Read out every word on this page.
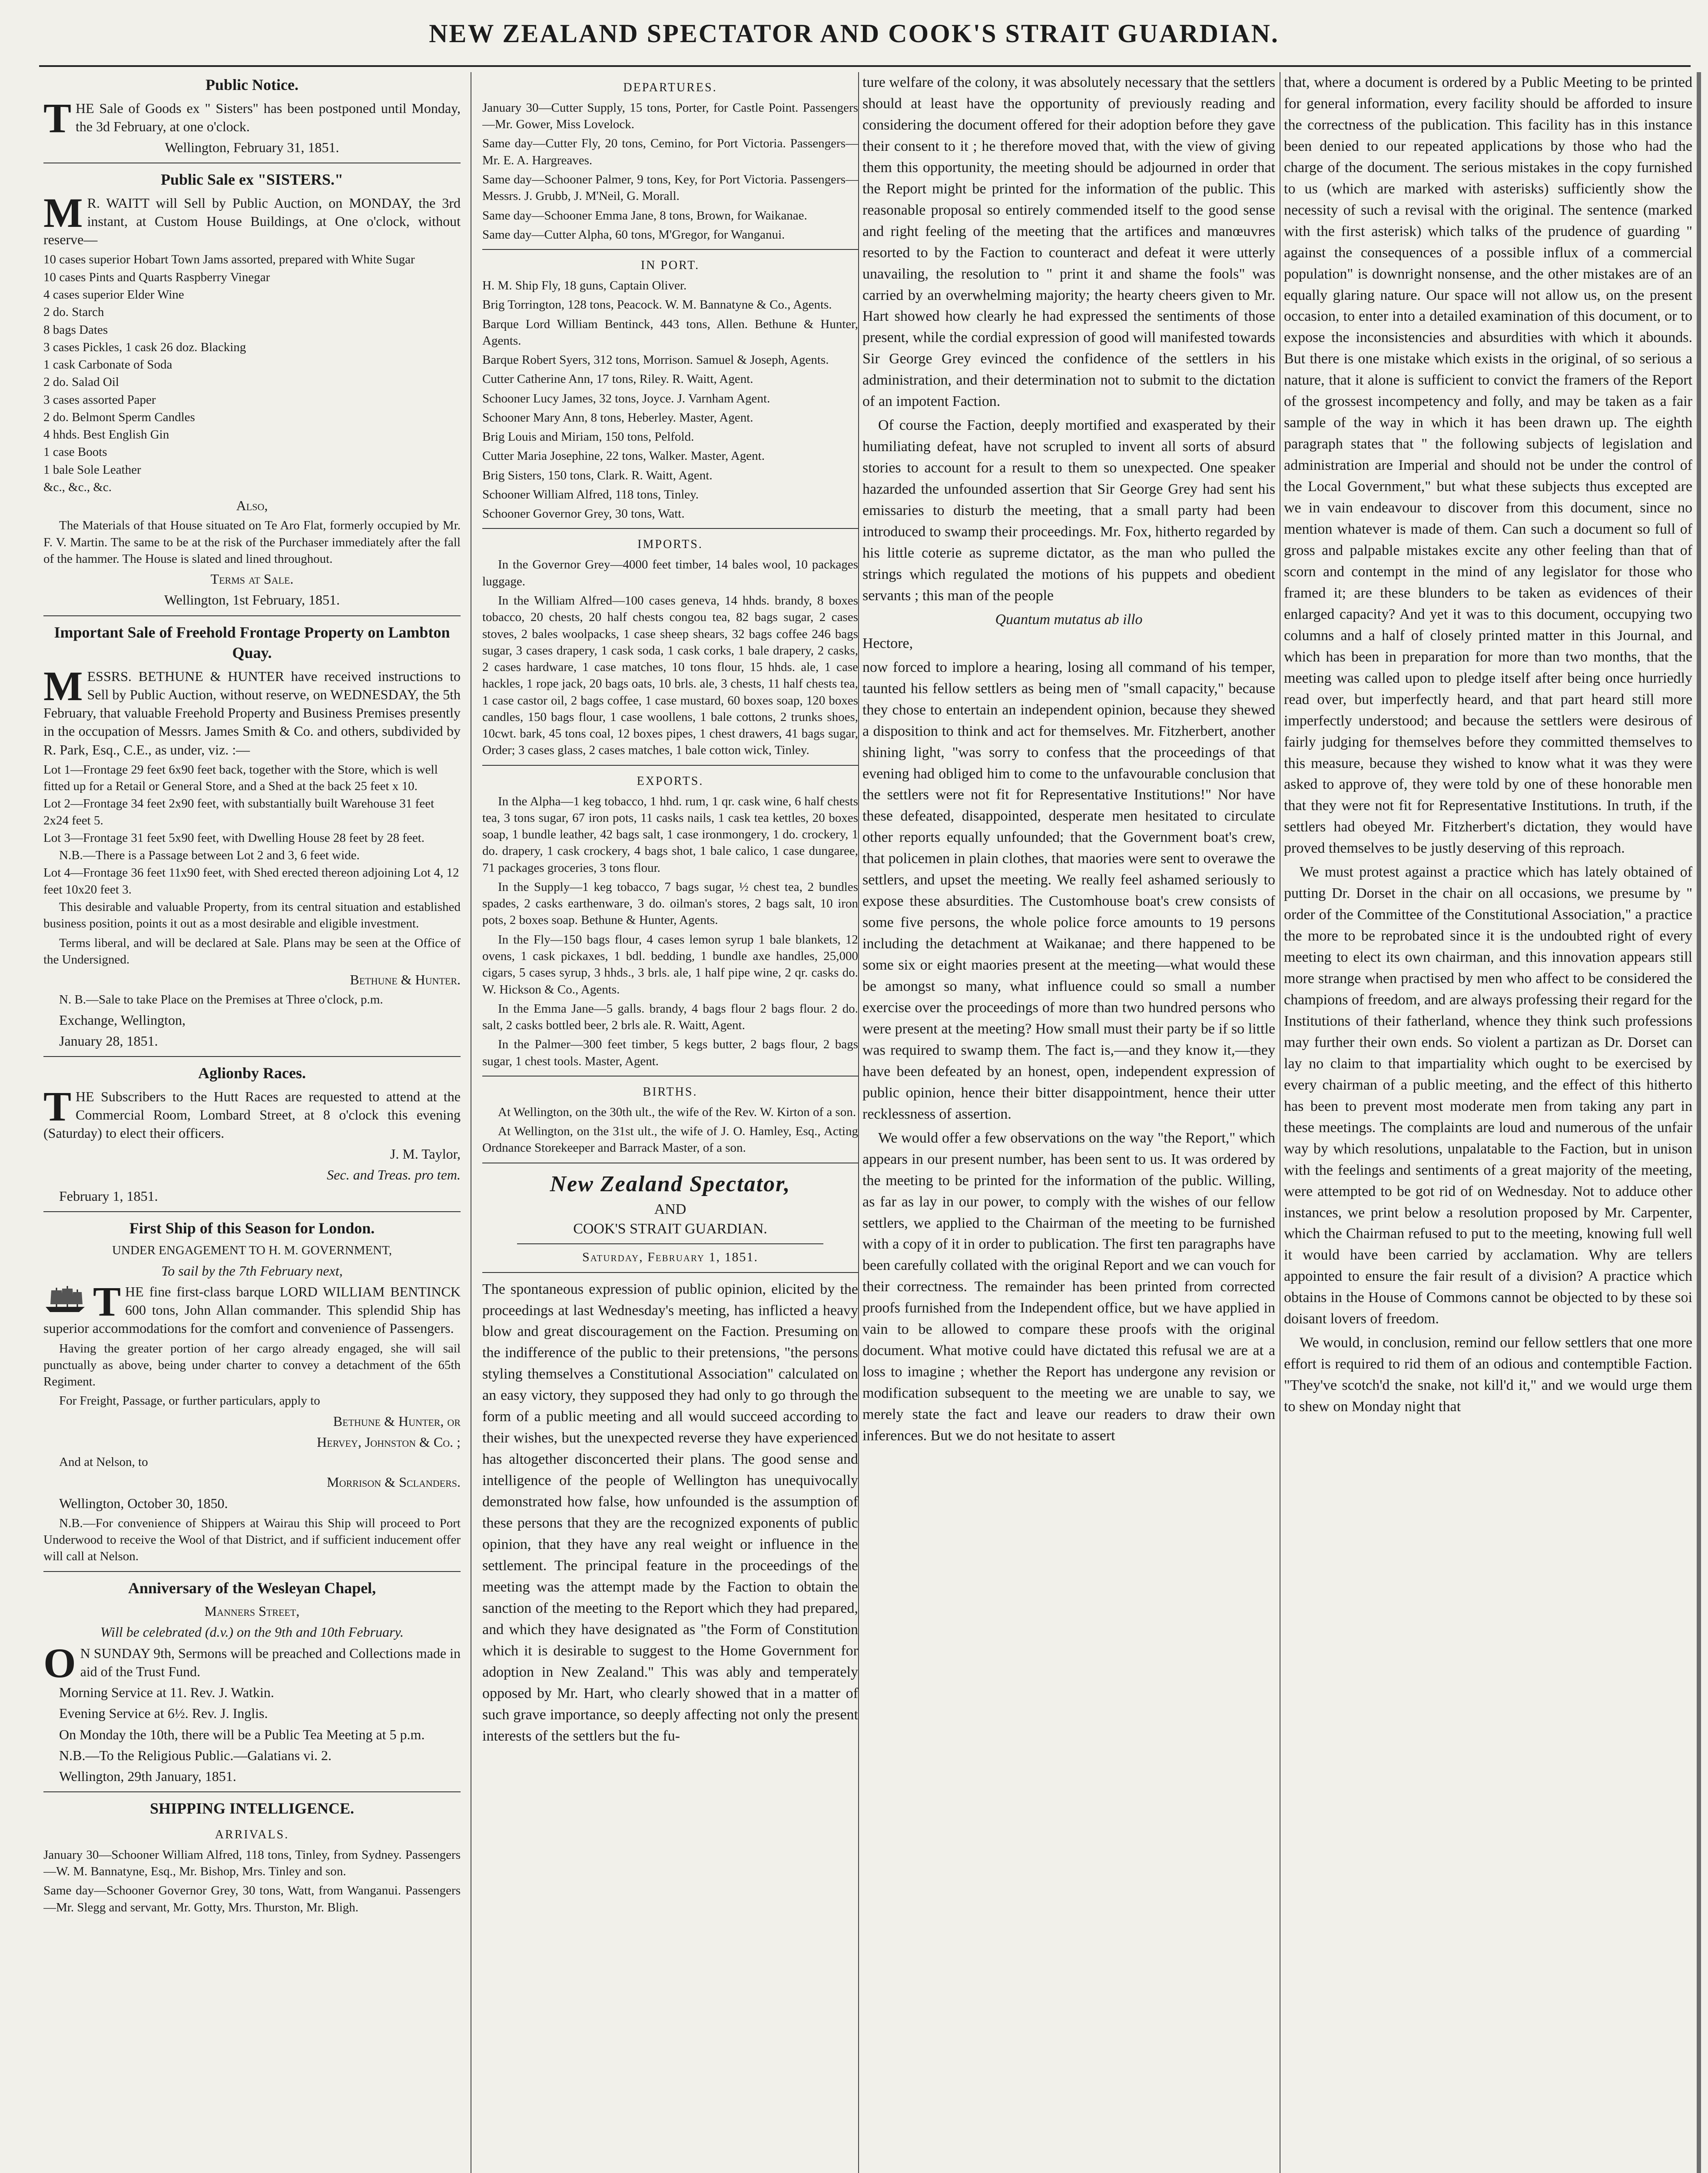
NEW ZEALAND SPECTATOR AND COOK'S STRAIT GUARDIAN.
Public Notice.

THE Sale of Goods ex " Sisters" has been postponed until Monday, the 3d February, at one o'clock.

Wellington, February 31, 1851.

Public Sale ex "SISTERS."

M R. WAITT will Sell by Public Auction, on MONDAY, the 3rd instant, at Custom House Buildings, at One o'clock, without reserve—

10 cases superior Hobart Town Jams assorted, prepared with White Sugar

10 cases Pints and Quarts Raspberry Vinegar

4 cases superior Elder Wine

2 do. Starch

8 bags Dates

3 cases Pickles, 1 cask 26 doz. Blacking

1 cask Carbonate of Soda

2 do. Salad Oil

3 cases assorted Paper

2 do. Belmont Sperm Candles

4 hhds. Best English Gin

1 case Boots

1 bale Sole Leather

&c., &c., &c.

Also,

The Materials of that House situated on Te Aro Flat, formerly occupied by Mr. F. V. Martin. The same to be at the risk of the Purchaser immediately after the fall of the hammer. The House is slated and lined throughout.

Terms at Sale.

Wellington, 1st February, 1851.

Important Sale of Freehold Frontage Property on Lambton Quay.

MESSRS. BETHUNE & HUNTER have received instructions to Sell by Public Auction, without reserve, on WEDNESDAY, the 5th February, that valuable Freehold Property and Business Premises presently in the occupation of Messrs. James Smith & Co. and others, subdivided by R. Park, Esq., C.E., as under, viz. :—

Lot 1—Frontage 29 feet 6x90 feet back, together with the Store, which is well fitted up for a Retail or General Store, and a Shed at the back 25 feet x 10.

Lot 2—Frontage 34 feet 2x90 feet, with substantially built Warehouse 31 feet 2x24 feet 5.

Lot 3—Frontage 31 feet 5x90 feet, with Dwelling House 28 feet by 28 feet.

N.B.—There is a Passage between Lot 2 and 3, 6 feet wide.

Lot 4—Frontage 36 feet 11x90 feet, with Shed erected thereon adjoining Lot 4, 12 feet 10x20 feet 3.

This desirable and valuable Property, from its central situation and established business position, points it out as a most desirable and eligible investment.

Terms liberal, and will be declared at Sale. Plans may be seen at the Office of the Undersigned.

Bethune & Hunter.

N. B.—Sale to take Place on the Premises at Three o'clock, p.m.

Exchange, Wellington,

January 28, 1851.

Aglionby Races.

THE Subscribers to the Hutt Races are requested to attend at the Commercial Room, Lombard Street, at 8 o'clock this evening (Saturday) to elect their officers.

J. M. Taylor,

Sec. and Treas. pro tem.

February 1, 1851.

First Ship of this Season for London.

UNDER ENGAGEMENT TO H. M. GOVERNMENT,

To sail by the 7th February next,

THE fine first-class barque LORD WILLIAM BENTINCK 600 tons, John Allan commander. This splendid Ship has superior accommodations for the comfort and convenience of Passengers.

Having the greater portion of her cargo already engaged, she will sail punctually as above, being under charter to convey a detachment of the 65th Regiment.

For Freight, Passage, or further particulars, apply to

Bethune & Hunter, or

Hervey, Johnston & Co. ;

And at Nelson, to

Morrison & Sclanders.

Wellington, October 30, 1850.

N.B.—For convenience of Shippers at Wairau this Ship will proceed to Port Underwood to receive the Wool of that District, and if sufficient inducement offer will call at Nelson.

Anniversary of the Wesleyan Chapel,

Manners Street,

Will be celebrated (d.v.) on the 9th and 10th February.

O N SUNDAY 9th, Sermons will be preached and Collections made in aid of the Trust Fund.

Morning Service at 11. Rev. J. Watkin.

Evening Service at 6½. Rev. J. Inglis.

On Monday the 10th, there will be a Public Tea Meeting at 5 p.m.

N.B.—To the Religious Public.—Galatians vi. 2.

Wellington, 29th January, 1851.

SHIPPING INTELLIGENCE.
ARRIVALS.

January 30—Schooner William Alfred, 118 tons, Tinley, from Sydney. Passengers—W. M. Bannatyne, Esq., Mr. Bishop, Mrs. Tinley and son.

Same day—Schooner Governor Grey, 30 tons, Watt, from Wanganui. Passengers—Mr. Slegg and servant, Mr. Gotty, Mrs. Thurston, Mr. Bligh.

DEPARTURES.

January 30—Cutter Supply, 15 tons, Porter, for Castle Point. Passengers—Mr. Gower, Miss Lovelock.

Same day—Cutter Fly, 20 tons, Cemino, for Port Victoria. Passengers—Mr. E. A. Hargreaves.

Same day—Schooner Palmer, 9 tons, Key, for Port Victoria. Passengers—Messrs. J. Grubb, J. M'Neil, G. Morall.

Same day—Schooner Emma Jane, 8 tons, Brown, for Waikanae.

Same day—Cutter Alpha, 60 tons, M'Gregor, for Wanganui.

IN PORT.

H. M. Ship Fly, 18 guns, Captain Oliver.

Brig Torrington, 128 tons, Peacock. W. M. Bannatyne & Co., Agents.

Barque Lord William Bentinck, 443 tons, Allen. Bethune & Hunter, Agents.

Barque Robert Syers, 312 tons, Morrison. Samuel & Joseph, Agents.

Cutter Catherine Ann, 17 tons, Riley. R. Waitt, Agent.

Schooner Lucy James, 32 tons, Joyce. J. Varnham Agent.

Schooner Mary Ann, 8 tons, Heberley. Master, Agent.

Brig Louis and Miriam, 150 tons, Pelfold.

Cutter Maria Josephine, 22 tons, Walker. Master, Agent.

Brig Sisters, 150 tons, Clark. R. Waitt, Agent.

Schooner William Alfred, 118 tons, Tinley.

Schooner Governor Grey, 30 tons, Watt.

IMPORTS.

In the Governor Grey—4000 feet timber, 14 bales wool, 10 packages luggage.

In the William Alfred—100 cases geneva, 14 hhds. brandy, 8 boxes tobacco, 20 chests, 20 half chests congou tea, 82 bags sugar, 2 cases stoves, 2 bales woolpacks, 1 case sheep shears, 32 bags coffee 246 bags sugar, 3 cases drapery, 1 cask soda, 1 cask corks, 1 bale drapery, 2 casks, 2 cases hardware, 1 case matches, 10 tons flour, 15 hhds. ale, 1 case hackles, 1 rope jack, 20 bags oats, 10 brls. ale, 3 chests, 11 half chests tea, 1 case castor oil, 2 bags coffee, 1 case mustard, 60 boxes soap, 120 boxes candles, 150 bags flour, 1 case woollens, 1 bale cottons, 2 trunks shoes, 10cwt. bark, 45 tons coal, 12 boxes pipes, 1 chest drawers, 41 bags sugar, Order; 3 cases glass, 2 cases matches, 1 bale cotton wick, Tinley.

EXPORTS.

In the Alpha—1 keg tobacco, 1 hhd. rum, 1 qr. cask wine, 6 half chests tea, 3 tons sugar, 67 iron pots, 11 casks nails, 1 cask tea kettles, 20 boxes soap, 1 bundle leather, 42 bags salt, 1 case ironmongery, 1 do. crockery, 1 do. drapery, 1 cask crockery, 4 bags shot, 1 bale calico, 1 case dungaree, 71 packages groceries, 3 tons flour.

In the Supply—1 keg tobacco, 7 bags sugar, ½ chest tea, 2 bundles spades, 2 casks earthenware, 3 do. oilman's stores, 2 bags salt, 10 iron pots, 2 boxes soap. Bethune & Hunter, Agents.

In the Fly—150 bags flour, 4 cases lemon syrup 1 bale blankets, 12 ovens, 1 cask pickaxes, 1 bdl. bedding, 1 bundle axe handles, 25,000 cigars, 5 cases syrup, 3 hhds., 3 brls. ale, 1 half pipe wine, 2 qr. casks do. W. Hickson & Co., Agents.

In the Emma Jane—5 galls. brandy, 4 bags flour 2 bags flour. 2 do. salt, 2 casks bottled beer, 2 brls ale. R. Waitt, Agent.

In the Palmer—300 feet timber, 5 kegs butter, 2 bags flour, 2 bags sugar, 1 chest tools. Master, Agent.

BIRTHS.

At Wellington, on the 30th ult., the wife of the Rev. W. Kirton of a son.

At Wellington, on the 31st ult., the wife of J. O. Hamley, Esq., Acting Ordnance Storekeeper and Barrack Master, of a son.

New Zealand Spectator,
AND
COOK'S STRAIT GUARDIAN.
Saturday, February 1, 1851.

The spontaneous expression of public opinion, elicited by the proceedings at last Wednesday's meeting, has inflicted a heavy blow and great discouragement on the Faction. Presuming on the indifference of the public to their pretensions, "the persons styling themselves a Constitutional Association" calculated on an easy victory, they supposed they had only to go through the form of a public meeting and all would succeed according to their wishes, but the unexpected reverse they have experienced has altogether disconcerted their plans. The good sense and intelligence of the people of Wellington has unequivocally demonstrated how false, how unfounded is the assumption of these persons that they are the recognized exponents of public opinion, that they have any real weight or influence in the settlement. The principal feature in the proceedings of the meeting was the attempt made by the Faction to obtain the sanction of the meeting to the Report which they had prepared, and which they have designated as "the Form of Constitution which it is desirable to suggest to the Home Government for adoption in New Zealand." This was ably and temperately opposed by Mr. Hart, who clearly showed that in a matter of such grave importance, so deeply affecting not only the present interests of the settlers but the fu-

ture welfare of the colony, it was absolutely necessary that the settlers should at least have the opportunity of previously reading and considering the document offered for their adoption before they gave their consent to it ; he therefore moved that, with the view of giving them this opportunity, the meeting should be adjourned in order that the Report might be printed for the information of the public. This reasonable proposal so entirely commended itself to the good sense and right feeling of the meeting that the artifices and manœuvres resorted to by the Faction to counteract and defeat it were utterly unavailing, the resolution to " print it and shame the fools" was carried by an overwhelming majority; the hearty cheers given to Mr. Hart showed how clearly he had expressed the sentiments of those present, while the cordial expression of good will manifested towards Sir George Grey evinced the confidence of the settlers in his administration, and their determination not to submit to the dictation of an impotent Faction.

Of course the Faction, deeply mortified and exasperated by their humiliating defeat, have not scrupled to invent all sorts of absurd stories to account for a result to them so unexpected. One speaker hazarded the unfounded assertion that Sir George Grey had sent his emissaries to disturb the meeting, that a small party had been introduced to swamp their proceedings. Mr. Fox, hitherto regarded by his little coterie as supreme dictator, as the man who pulled the strings which regulated the motions of his puppets and obedient servants ; this man of the people

Quantum mutatus ab illo

Hectore,

now forced to implore a hearing, losing all command of his temper, taunted his fellow settlers as being men of "small capacity," because they chose to entertain an independent opinion, because they shewed a disposition to think and act for themselves. Mr. Fitzherbert, another shining light, "was sorry to confess that the proceedings of that evening had obliged him to come to the unfavourable conclusion that the settlers were not fit for Representative Institutions!" Nor have these defeated, disappointed, desperate men hesitated to circulate other reports equally unfounded; that the Government boat's crew, that policemen in plain clothes, that maories were sent to overawe the settlers, and upset the meeting. We really feel ashamed seriously to expose these absurdities. The Customhouse boat's crew consists of some five persons, the whole police force amounts to 19 persons including the detachment at Waikanae; and there happened to be some six or eight maories present at the meeting—what would these be amongst so many, what influence could so small a number exercise over the proceedings of more than two hundred persons who were present at the meeting? How small must their party be if so little was required to swamp them. The fact is,—and they know it,—they have been defeated by an honest, open, independent expression of public opinion, hence their bitter disappointment, hence their utter recklessness of assertion.

We would offer a few observations on the way "the Report," which appears in our present number, has been sent to us. It was ordered by the meeting to be printed for the information of the public. Willing, as far as lay in our power, to comply with the wishes of our fellow settlers, we applied to the Chairman of the meeting to be furnished with a copy of it in order to publication. The first ten paragraphs have been carefully collated with the original Report and we can vouch for their correctness. The remainder has been printed from corrected proofs furnished from the Independent office, but we have applied in vain to be allowed to compare these proofs with the original document. What motive could have dictated this refusal we are at a loss to imagine ; whether the Report has undergone any revision or modification subsequent to the meeting we are unable to say, we merely state the fact and leave our readers to draw their own inferences. But we do not hesitate to assert

that, where a document is ordered by a Public Meeting to be printed for general information, every facility should be afforded to insure the correctness of the publication. This facility has in this instance been denied to our repeated applications by those who had the charge of the document. The serious mistakes in the copy furnished to us (which are marked with asterisks) sufficiently show the necessity of such a revisal with the original. The sentence (marked with the first asterisk) which talks of the prudence of guarding " against the consequences of a possible influx of a commercial population" is downright nonsense, and the other mistakes are of an equally glaring nature. Our space will not allow us, on the present occasion, to enter into a detailed examination of this document, or to expose the inconsistencies and absurdities with which it abounds. But there is one mistake which exists in the original, of so serious a nature, that it alone is sufficient to convict the framers of the Report of the grossest incompetency and folly, and may be taken as a fair sample of the way in which it has been drawn up. The eighth paragraph states that " the following subjects of legislation and administration are Imperial and should not be under the control of the Local Government," but what these subjects thus excepted are we in vain endeavour to discover from this document, since no mention whatever is made of them. Can such a document so full of gross and palpable mistakes excite any other feeling than that of scorn and contempt in the mind of any legislator for those who framed it; are these blunders to be taken as evidences of their enlarged capacity? And yet it was to this document, occupying two columns and a half of closely printed matter in this Journal, and which has been in preparation for more than two months, that the meeting was called upon to pledge itself after being once hurriedly read over, but imperfectly heard, and that part heard still more imperfectly understood; and because the settlers were desirous of fairly judging for themselves before they committed themselves to this measure, because they wished to know what it was they were asked to approve of, they were told by one of these honorable men that they were not fit for Representative Institutions. In truth, if the settlers had obeyed Mr. Fitzherbert's dictation, they would have proved themselves to be justly deserving of this reproach.

We must protest against a practice which has lately obtained of putting Dr. Dorset in the chair on all occasions, we presume by " order of the Committee of the Constitutional Association," a practice the more to be reprobated since it is the undoubted right of every meeting to elect its own chairman, and this innovation appears still more strange when practised by men who affect to be considered the champions of freedom, and are always professing their regard for the Institutions of their fatherland, whence they think such professions may further their own ends. So violent a partizan as Dr. Dorset can lay no claim to that impartiality which ought to be exercised by every chairman of a public meeting, and the effect of this hitherto has been to prevent most moderate men from taking any part in these meetings. The complaints are loud and numerous of the unfair way by which resolutions, unpalatable to the Faction, but in unison with the feelings and sentiments of a great majority of the meeting, were attempted to be got rid of on Wednesday. Not to adduce other instances, we print below a resolution proposed by Mr. Carpenter, which the Chairman refused to put to the meeting, knowing full well it would have been carried by acclamation. Why are tellers appointed to ensure the fair result of a division? A practice which obtains in the House of Commons cannot be objected to by these soi doisant lovers of freedom.

We would, in conclusion, remind our fellow settlers that one more effort is required to rid them of an odious and contemptible Faction. "They've scotch'd the snake, not kill'd it," and we would urge them to shew on Monday night that
